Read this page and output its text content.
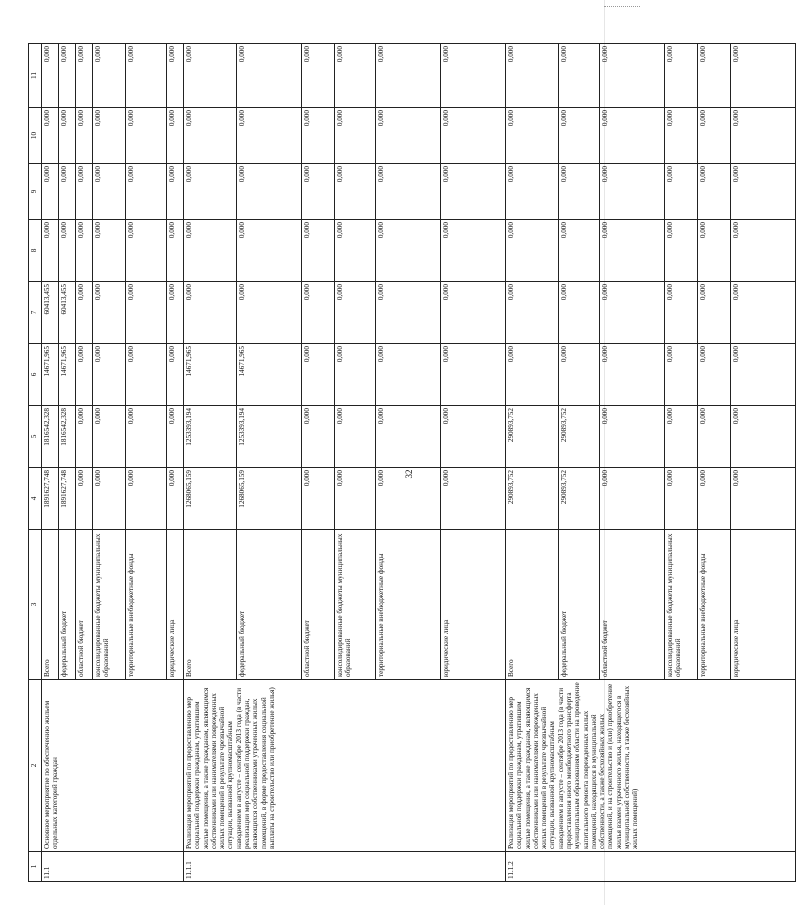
32
1	2	3	4	5	6	7	8	9	10	11
11.1	Основное мероприятие по обеспечению жильем отдельных категорий граждан	Всего	1891627,748	1816542,328	14671,965	60413,455	0,000	0,000	0,000	0,000
		федеральный бюджет	1891627,748	1816542,328	14671,965	60413,455	0,000	0,000	0,000	0,000
		областной бюджет	0,000	0,000	0,000	0,000	0,000	0,000	0,000	0,000
		консолидированные бюджеты муниципальных образований	0,000	0,000	0,000	0,000	0,000	0,000	0,000	0,000
		территориальные внебюджетные фонды	0,000	0,000	0,000	0,000	0,000	0,000	0,000	0,000
		юридические лица	0,000	0,000	0,000	0,000	0,000	0,000	0,000	0,000
11.1.1	Реализация мероприятий по предоставлению мер социальной поддержки гражданам, утратившим жилые помещения, а также гражданам, являющимся собственниками или нанимателями поврежденных жилых помещений в результате чрезвычайной ситуации, вызванной крупномасштабным наводнением в августе – сентябре 2013 года (в части реализации мер социальной поддержки граждан, являющихся собственниками утраченных жилых помещений, в форме предоставления социальной выплаты на строительство или приобретение жилья)	Всего	1268065,159	1253393,194	14671,965	0,000	0,000	0,000	0,000	0,000
		федеральный бюджет	1268065,159	1253393,194	14671,965	0,000	0,000	0,000	0,000	0,000
		областной бюджет	0,000	0,000	0,000	0,000	0,000	0,000	0,000	0,000
		консолидированные бюджеты муниципальных образований	0,000	0,000	0,000	0,000	0,000	0,000	0,000	0,000
		территориальные внебюджетные фонды	0,000	0,000	0,000	0,000	0,000	0,000	0,000	0,000
		юридические лица	0,000	0,000	0,000	0,000	0,000	0,000	0,000	0,000
11.1.2	Реализация мероприятий по предоставлению мер социальной поддержки гражданам, утратившим жилые помещения, а также гражданам, являющимся собственниками или нанимателями поврежденных жилых помещений в результате чрезвычайной ситуации, вызванной крупномасштабным наводнением в августе – сентябре 2013 года (в части предоставления иного межбюджетного трансферта муниципальным образованиям области на проведение капитального ремонта поврежденных жилых помещений, находящихся в муниципальной собственности, а также бесхозяйных жилых помещений, и на строительство и (или) приобретение жилья взамен утраченного жилья, находящегося в муниципальной собственности, а также бесхозяйных жилых помещений)	Всего	290893,752	290893,752	0,000	0,000	0,000	0,000	0,000	0,000
		федеральный бюджет	290893,752	290893,752	0,000	0,000	0,000	0,000	0,000	0,000
		областной бюджет	0,000	0,000	0,000	0,000	0,000	0,000	0,000	0,000
		консолидированные бюджеты муниципальных образований	0,000	0,000	0,000	0,000	0,000	0,000	0,000	0,000
		территориальные внебюджетные фонды	0,000	0,000	0,000	0,000	0,000	0,000	0,000	0,000
		юридические лица	0,000	0,000	0,000	0,000	0,000	0,000	0,000	0,000
